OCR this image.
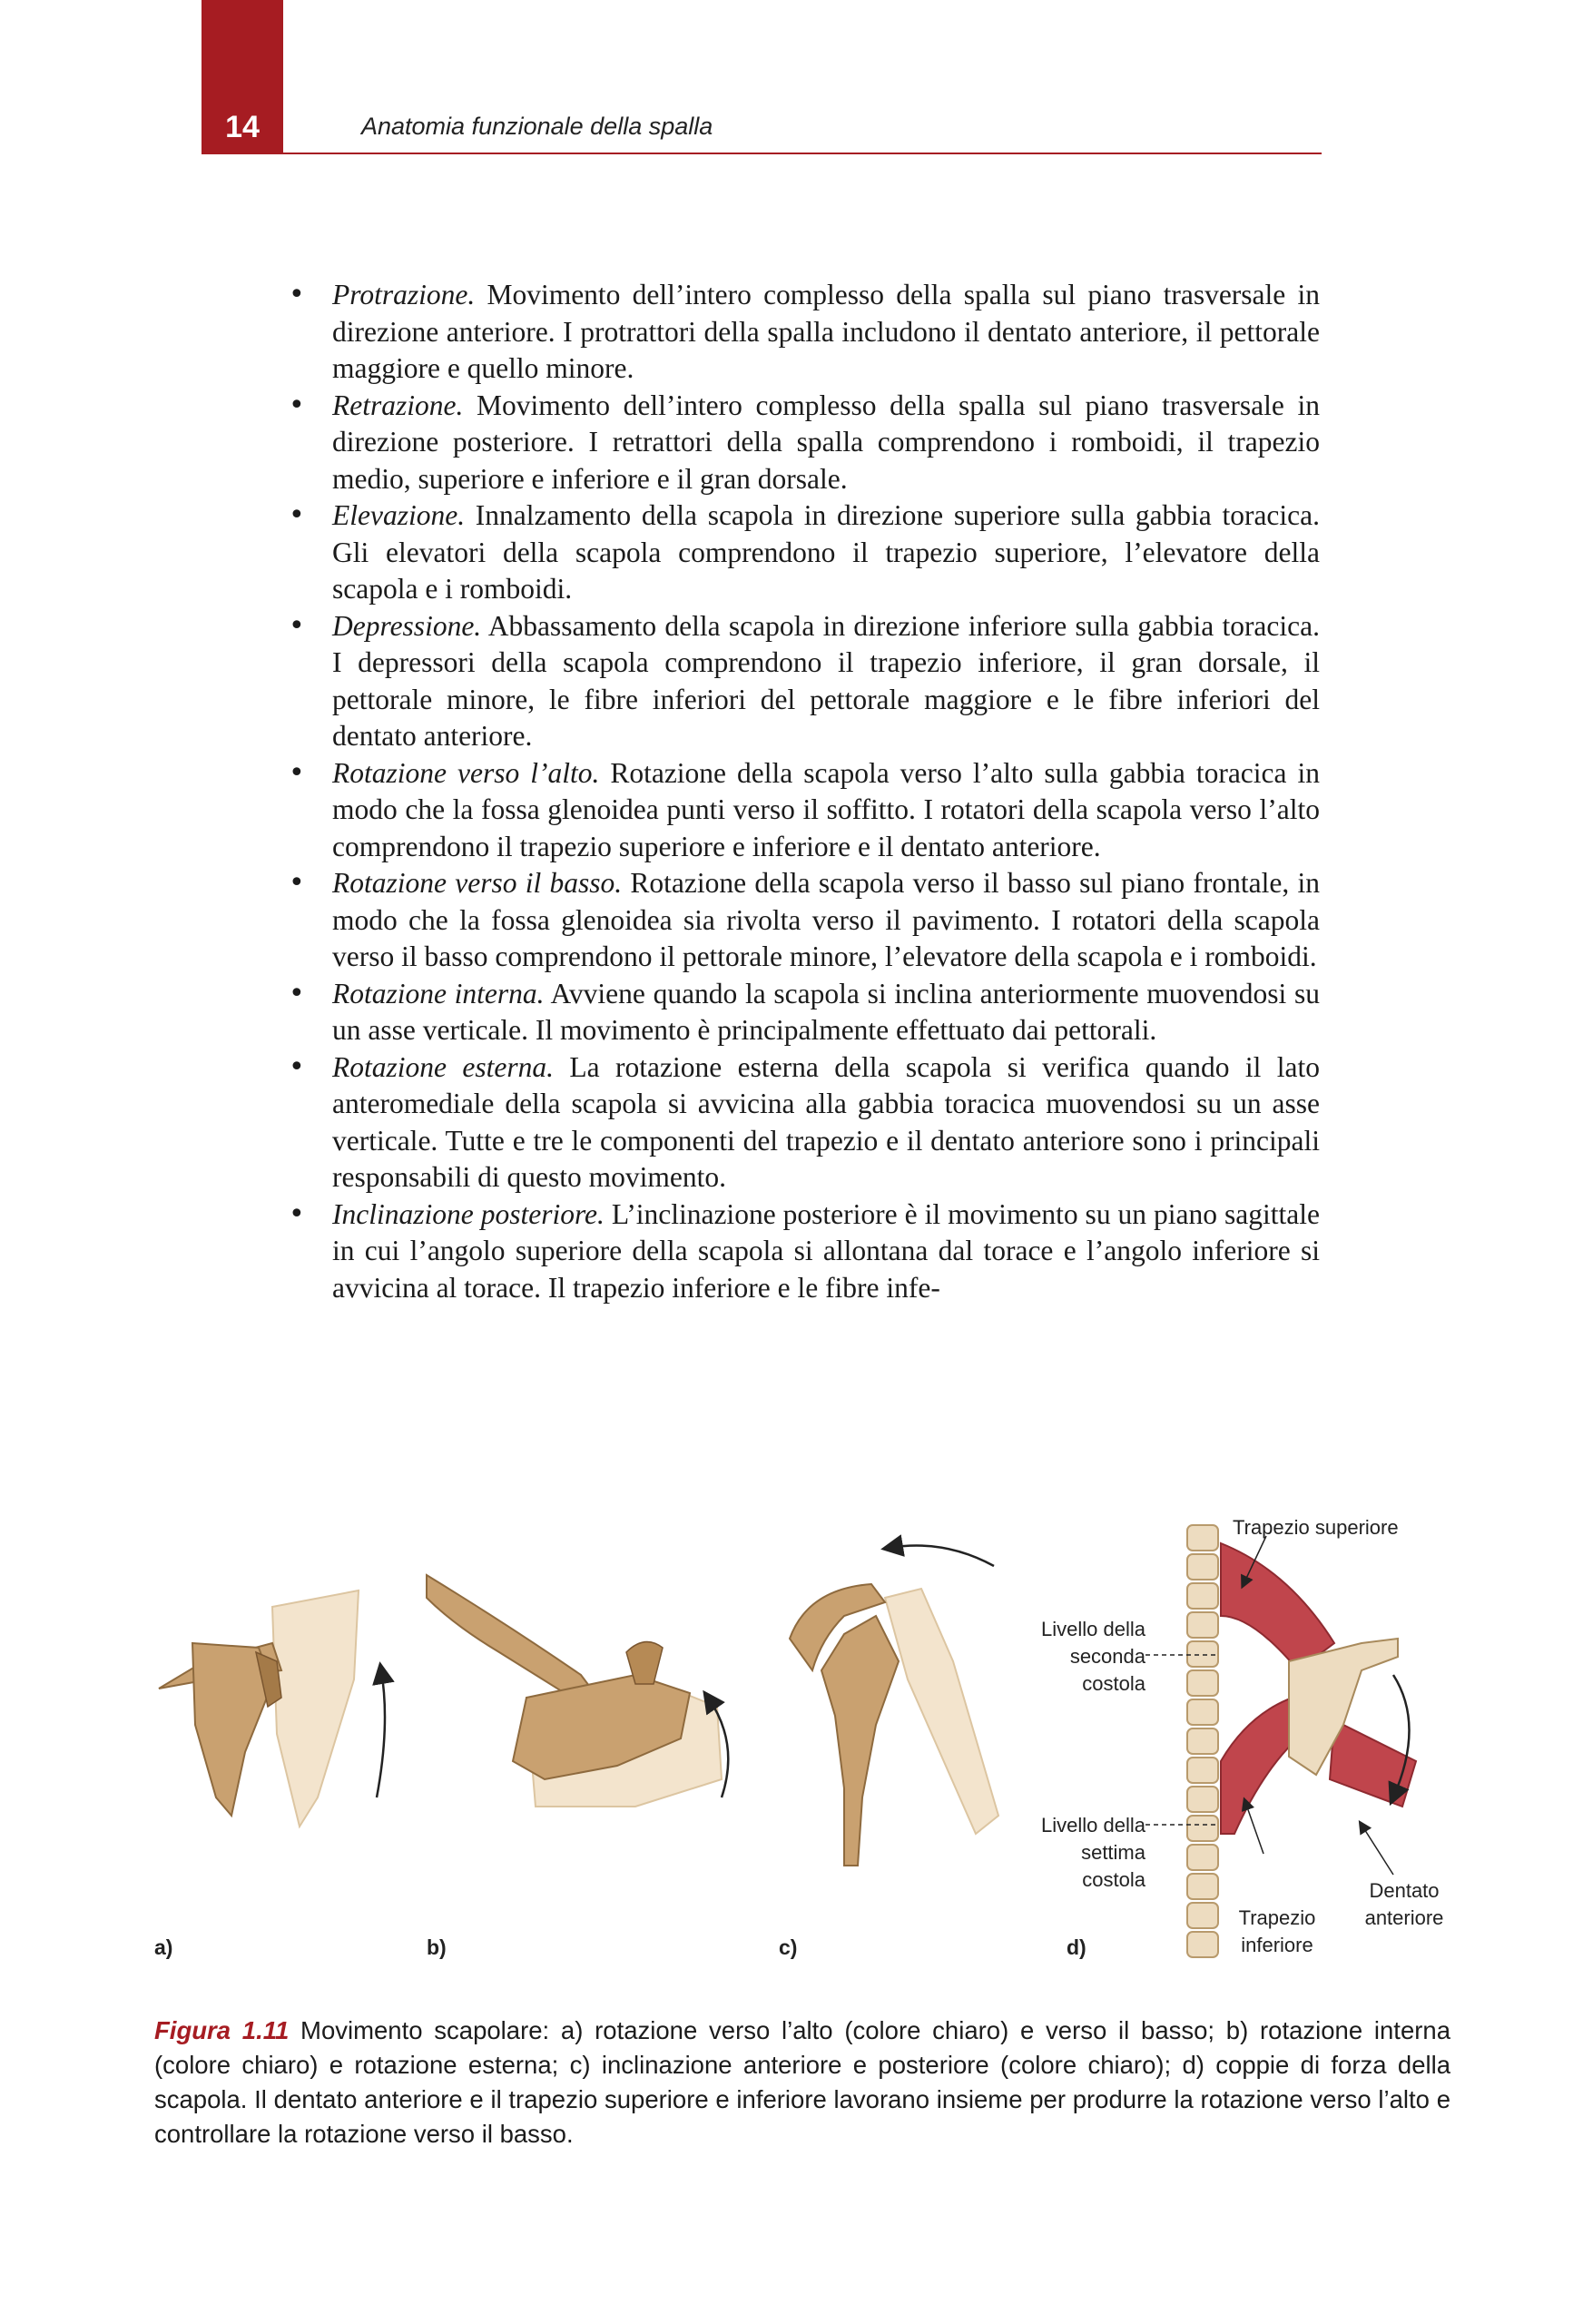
14	Anatomia funzionale della spalla
• Protrazione. Movimento dell’intero complesso della spalla sul piano trasversale in direzione anteriore. I protrattori della spalla includono il dentato anteriore, il pettorale maggiore e quello minore.
• Retrazione. Movimento dell’intero complesso della spalla sul piano trasversale in direzione posteriore. I retrattori della spalla comprendono i romboidi, il trapezio medio, superiore e inferiore e il gran dorsale.
• Elevazione. Innalzamento della scapola in direzione superiore sulla gabbia toracica. Gli elevatori della scapola comprendono il trapezio superiore, l’elevatore della scapola e i romboidi.
• Depressione. Abbassamento della scapola in direzione inferiore sulla gabbia toracica. I depressori della scapola comprendono il trapezio inferiore, il gran dorsale, il pettorale minore, le fibre inferiori del pettorale maggiore e le fibre inferiori del dentato anteriore.
• Rotazione verso l’alto. Rotazione della scapola verso l’alto sulla gabbia toracica in modo che la fossa glenoidea punti verso il soffitto. I rotatori della scapola verso l’alto comprendono il trapezio superiore e inferiore e il dentato anteriore.
• Rotazione verso il basso. Rotazione della scapola verso il basso sul piano frontale, in modo che la fossa glenoidea sia rivolta verso il pavimento. I rotatori della scapola verso il basso comprendono il pettorale minore, l’elevatore della scapola e i romboidi.
• Rotazione interna. Avviene quando la scapola si inclina anteriormente muovendosi su un asse verticale. Il movimento è principalmente effettuato dai pettorali.
• Rotazione esterna. La rotazione esterna della scapola si verifica quando il lato anteromediale della scapola si avvicina alla gabbia toracica muovendosi su un asse verticale. Tutte e tre le componenti del trapezio e il dentato anteriore sono i principali responsabili di questo movimento.
• Inclinazione posteriore. L’inclinazione posteriore è il movimento su un piano sagittale in cui l’angolo superiore della scapola si allontana dal torace e l’angolo inferiore si avvicina al torace. Il trapezio inferiore e le fibre infe-
a)	b)	c)	d)
Trapezio superiore
Livello della
seconda
costola
Livello della
settima
costola
Trapezio
inferiore
Dentato
anteriore
Figura 1.11 Movimento scapolare: a) rotazione verso l’alto (colore chiaro) e verso il basso; b) rotazione interna (colore chiaro) e rotazione esterna; c) inclinazione anteriore e posteriore (colore chiaro); d) coppie di forza della scapola. Il dentato anteriore e il trapezio superiore e inferiore lavorano insieme per produrre la rotazione verso l’alto e controllare la rotazione verso il basso.
